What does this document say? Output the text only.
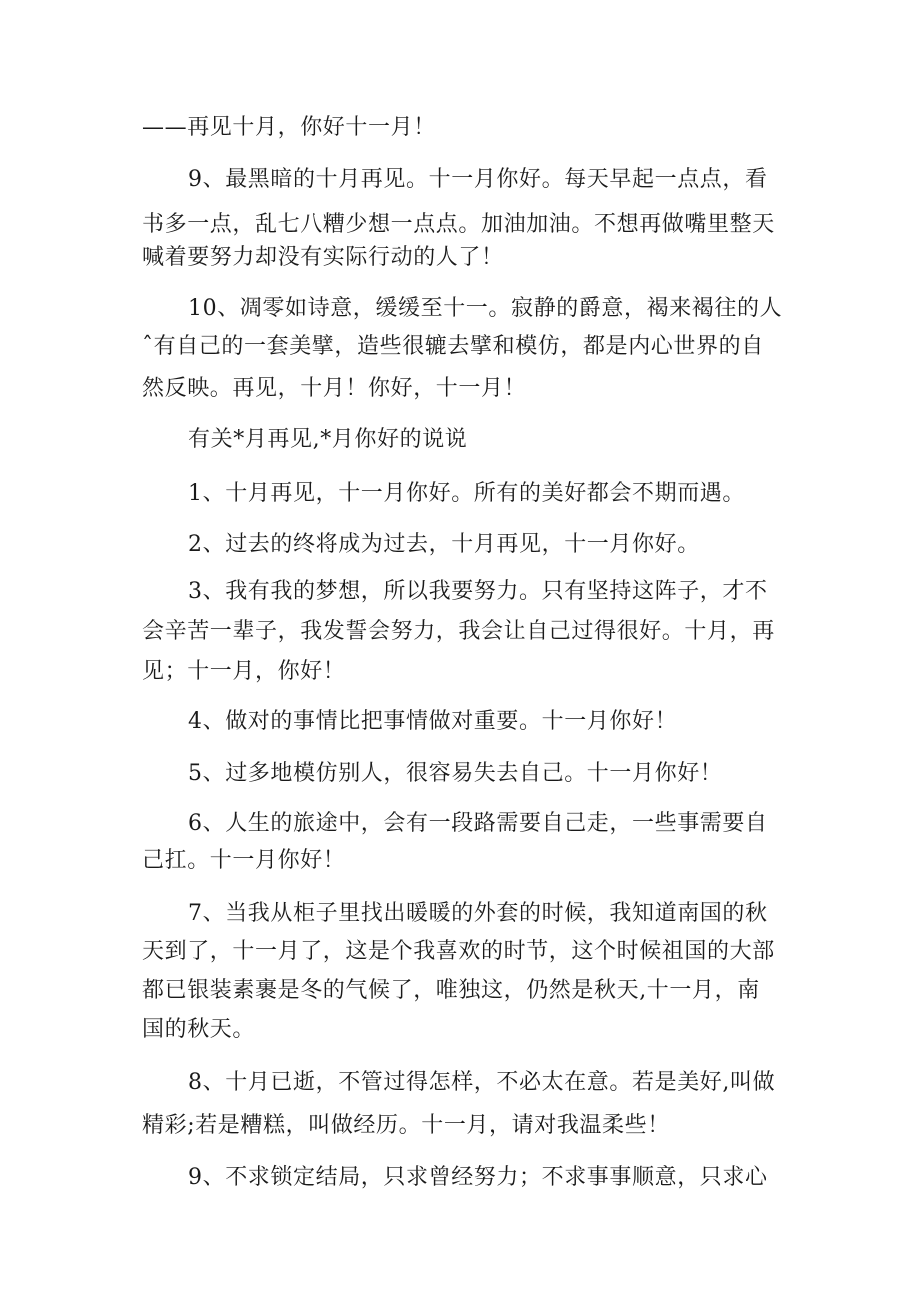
——再见十月，你好十一月！
9、最黑暗的十月再见。十一月你好。每天早起一点点，看
书多一点，乱七八糟少想一点点。加油加油。不想再做嘴里整天
喊着要努力却没有实际行动的人了！
10、凋零如诗意，缓缓至十一。寂静的爵意，褐来褐往的人
ˆ有自己的一套美擘，造些很辘去擘和模仿，都是内心世界的自
然反映。再见，十月！你好，十一月！
有关*月再见,*月你好的说说
1、十月再见，十一月你好。所有的美好都会不期而遇。
2、过去的终将成为过去，十月再见，十一月你好。
3、我有我的梦想，所以我要努力。只有坚持这阵子，才不
会辛苦一辈子，我发誓会努力，我会让自己过得很好。十月，再
见；十一月，你好！
4、做对的事情比把事情做对重要。十一月你好！
5、过多地模仿别人，很容易失去自己。十一月你好！
6、人生的旅途中，会有一段路需要自己走，一些事需要自
己扛。十一月你好！
7、当我从柜子里找出暖暖的外套的时候，我知道南国的秋
天到了，十一月了，这是个我喜欢的时节，这个时候祖国的大部
都已银装素裹是冬的气候了，唯独这，仍然是秋天,十一月，南
国的秋天。
8、十月已逝，不管过得怎样，不必太在意。若是美好,叫做
精彩;若是糟糕，叫做经历。十一月，请对我温柔些！
9、不求锁定结局，只求曾经努力；不求事事顺意，只求心
